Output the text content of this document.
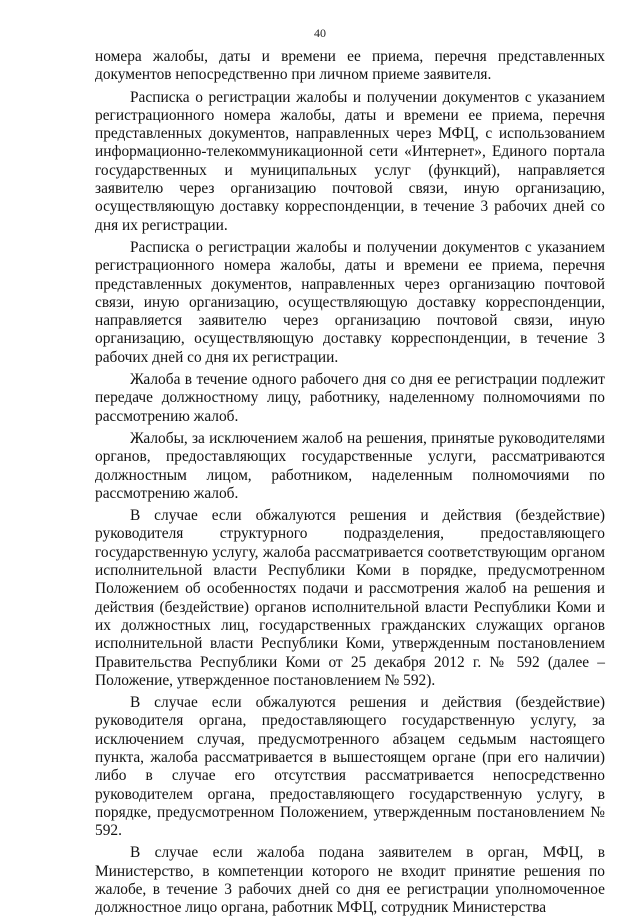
40

номера жалобы, даты и времени ее приема, перечня представленных документов непосредственно при личном приеме заявителя.

Расписка о регистрации жалобы и получении документов с указанием регистрационного номера жалобы, даты и времени ее приема, перечня представленных документов, направленных через МФЦ, с использованием информационно-телекоммуникационной сети «Интернет», Единого портала государственных и муниципальных услуг (функций), направляется заявителю через организацию почтовой связи, иную организацию, осуществляющую доставку корреспонденции, в течение 3 рабочих дней со дня их регистрации.

Расписка о регистрации жалобы и получении документов с указанием регистрационного номера жалобы, даты и времени ее приема, перечня представленных документов, направленных через организацию почтовой связи, иную организацию, осуществляющую доставку корреспонденции, направляется заявителю через организацию почтовой связи, иную организацию, осуществляющую доставку корреспонденции, в течение 3 рабочих дней со дня их регистрации.

Жалоба в течение одного рабочего дня со дня ее регистрации подлежит передаче должностному лицу, работнику, наделенному полномочиями по рассмотрению жалоб.

Жалобы, за исключением жалоб на решения, принятые руководителями органов, предоставляющих государственные услуги, рассматриваются должностным лицом, работником, наделенным полномочиями по рассмотрению жалоб.

В случае если обжалуются решения и действия (бездействие) руководителя структурного подразделения, предоставляющего государственную услугу, жалоба рассматривается соответствующим органом исполнительной власти Республики Коми в порядке, предусмотренном Положением об особенностях подачи и рассмотрения жалоб на решения и действия (бездействие) органов исполнительной власти Республики Коми и их должностных лиц, государственных гражданских служащих органов исполнительной власти Республики Коми, утвержденным постановлением Правительства Республики Коми от 25 декабря 2012 г. № 592 (далее – Положение, утвержденное постановлением № 592).

В случае если обжалуются решения и действия (бездействие) руководителя органа, предоставляющего государственную услугу, за исключением случая, предусмотренного абзацем седьмым настоящего пункта, жалоба рассматривается в вышестоящем органе (при его наличии) либо в случае его отсутствия рассматривается непосредственно руководителем органа, предоставляющего государственную услугу, в порядке, предусмотренном Положением, утвержденным постановлением № 592.

В случае если жалоба подана заявителем в орган, МФЦ, в Министерство, в компетенции которого не входит принятие решения по жалобе, в течение 3 рабочих дней со дня ее регистрации уполномоченное должностное лицо органа, работник МФЦ, сотрудник Министерства
